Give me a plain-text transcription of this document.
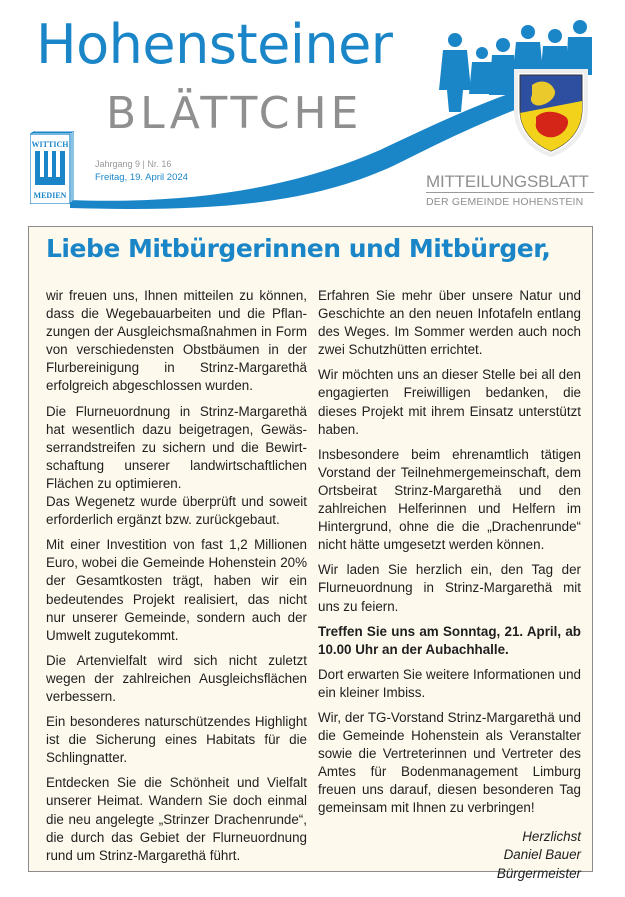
Hohensteiner
BLÄTTCHE
WITTICH
MEDIEN
Jahrgang 9 | Nr. 16
Freitag, 19. April 2024	MITTEILUNGSBLATT
DER GEMEINDE HOHENSTEIN
Liebe Mitbürgerinnen und Mitbürger,

wir freuen uns, Ihnen mitteilen zu können, dass die Wegebauarbeiten und die Pflanzungen der Ausgleichsmaßnahmen in Form von verschiedensten Obstbäumen in der Flurbereinigung in Strinz-Margarethä erfolgreich abgeschlossen wurden.

Die Flurneuordnung in Strinz-Margarethä hat wesentlich dazu beigetragen, Gewässerrandstreifen zu sichern und die Bewirtschaftung unserer landwirtschaftlichen Flächen zu optimieren.

Das Wegenetz wurde überprüft und soweit erforderlich ergänzt bzw. zurückgebaut.

Mit einer Investition von fast 1,2 Millionen Euro, wobei die Gemeinde Hohenstein 20% der Gesamtkosten trägt, haben wir ein bedeutendes Projekt realisiert, das nicht nur unserer Gemeinde, sondern auch der Umwelt zugutekommt.

Die Artenvielfalt wird sich nicht zuletzt wegen der zahlreichen Ausgleichsflächen verbessern.

Ein besonderes naturschützendes Highlight ist die Sicherung eines Habitats für die Schlingnatter.

Entdecken Sie die Schönheit und Vielfalt unserer Heimat. Wandern Sie doch einmal die neu angelegte „Strinzer Drachenrunde“, die durch das Gebiet der Flurneuordnung rund um Strinz-Margarethä führt.

Erfahren Sie mehr über unsere Natur und Geschichte an den neuen Infotafeln entlang des Weges. Im Sommer werden auch noch zwei Schutzhütten errichtet.

Wir möchten uns an dieser Stelle bei all den engagierten Freiwilligen bedanken, die dieses Projekt mit ihrem Einsatz unterstützt haben.

Insbesondere beim ehrenamtlich tätigen Vorstand der Teilnehmergemeinschaft, dem Ortsbeirat Strinz-Margarethä und den zahlreichen Helferinnen und Helfern im Hintergrund, ohne die die „Drachenrunde“ nicht hätte umgesetzt werden können.

Wir laden Sie herzlich ein, den Tag der Flurneuordnung in Strinz-Margarethä mit uns zu feiern.

Treffen Sie uns am Sonntag, 21. April, ab 10.00 Uhr an der Aubachhalle.

Dort erwarten Sie weitere Informationen und ein kleiner Imbiss.

Wir, der TG-Vorstand Strinz-Margarethä und die Gemeinde Hohenstein als Veranstalter sowie die Vertreterinnen und Vertreter des Amtes für Bodenmanagement Limburg freuen uns darauf, diesen besonderen Tag gemeinsam mit Ihnen zu verbringen!

Herzlichst
Daniel Bauer
Bürgermeister
